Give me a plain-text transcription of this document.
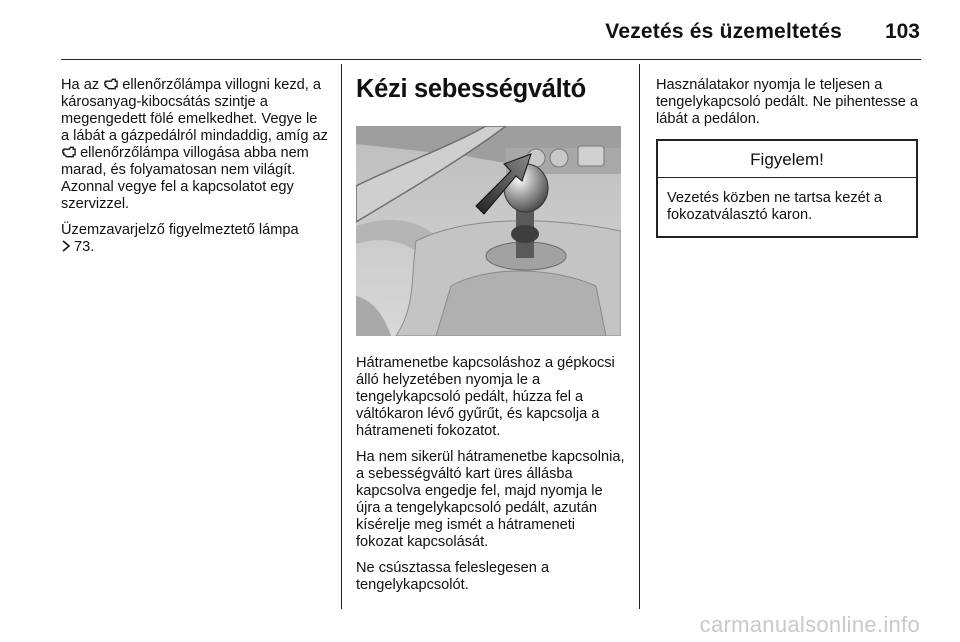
Vezetés és üzemeltetés 103

Ha az ellenőrzőlámpa villogni kezd, a károsanyag-kibocsátás szintje a megengedett fölé emelkedhet. Vegye le a lábát a gázpedálról mindaddig, amíg az  ellenőrzőlámpa villogása abba nem marad, és folyamatosan nem világít. Azonnal vegye fel a kapcsolatot egy szervizzel.

Üzemzavarjelző figyelmeztető lámpa
73.

Kézi sebességváltó

Hátramenetbe kapcsoláshoz a gépkocsi álló helyzetében nyomja le a tengelykapcsoló pedált, húzza fel a váltókaron lévő gyűrűt, és kapcsolja a hátrameneti fokozatot.

Ha nem sikerül hátramenetbe kapcsolnia, a sebességváltó kart üres állásba kapcsolva engedje fel, majd nyomja le újra a tengelykapcsoló pedált, azután kísérelje meg ismét a hátrameneti fokozat kapcsolását.

Ne csúsztassa feleslegesen a tengelykapcsolót.

Használatakor nyomja le teljesen a tengelykapcsoló pedált. Ne pihentesse a lábát a pedálon.

Figyelem!
Vezetés közben ne tartsa kezét a fokozatválasztó karon.
carmanualsonline.info
